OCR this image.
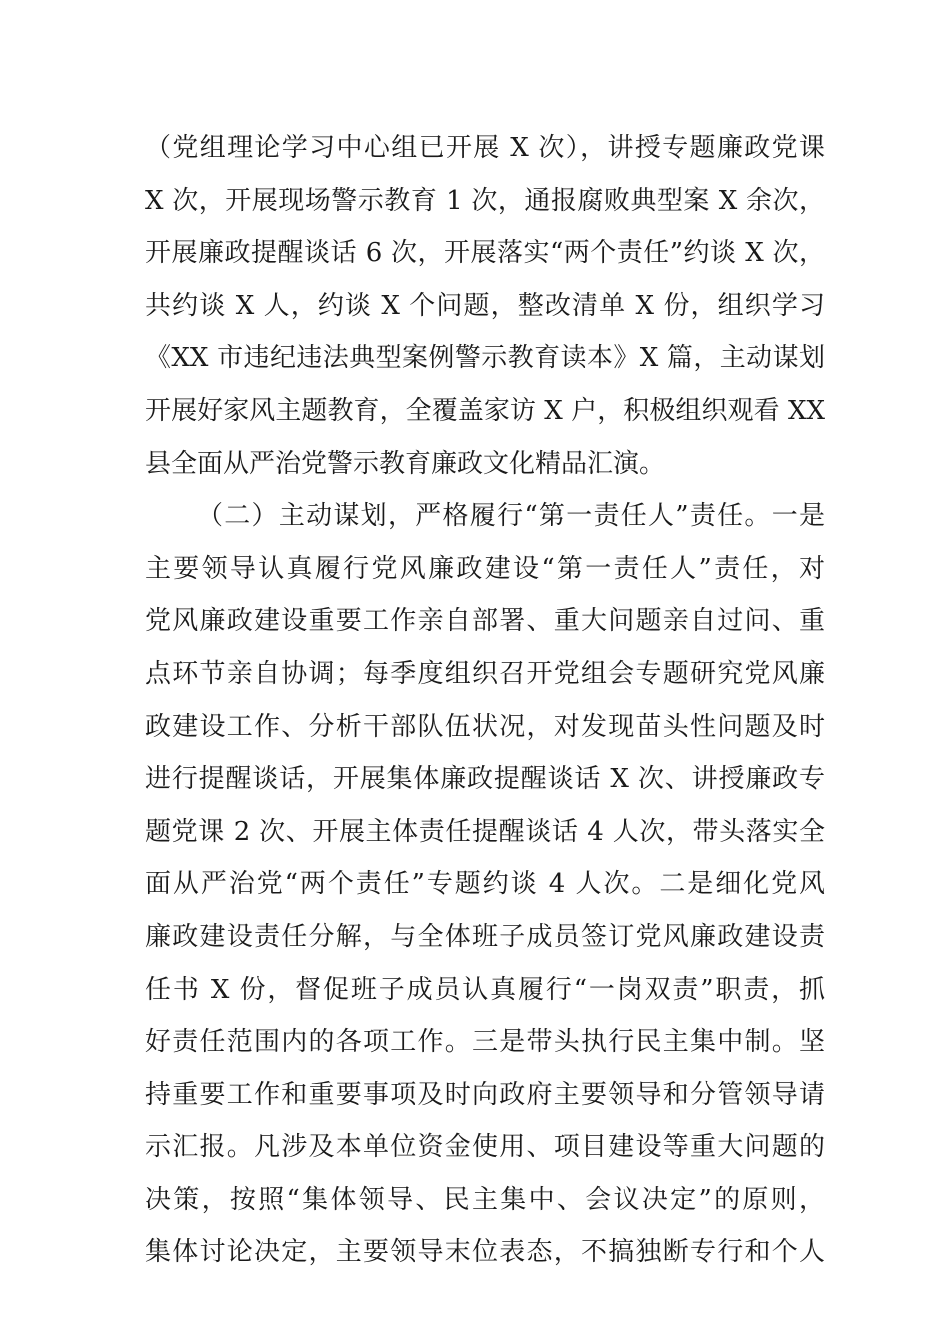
（党组理论学习中心组已开展 X 次），讲授专题廉政党课
X 次，开展现场警示教育 1 次，通报腐败典型案 X 余次，
开展廉政提醒谈话 6 次，开展落实“两个责任”约谈 X 次，
共约谈 X 人，约谈 X 个问题，整改清单 X 份，组织学习
《XX 市违纪违法典型案例警示教育读本》X 篇，主动谋划
开展好家风主题教育，全覆盖家访 X 户，积极组织观看 XX
县全面从严治党警示教育廉政文化精品汇演。
（二）主动谋划，严格履行“第一责任人”责任。一是
主要领导认真履行党风廉政建设“第一责任人”责任，对
党风廉政建设重要工作亲自部署、重大问题亲自过问、重
点环节亲自协调；每季度组织召开党组会专题研究党风廉
政建设工作、分析干部队伍状况，对发现苗头性问题及时
进行提醒谈话，开展集体廉政提醒谈话 X 次、讲授廉政专
题党课 2 次、开展主体责任提醒谈话 4 人次，带头落实全
面从严治党“两个责任”专题约谈 4 人次。二是细化党风
廉政建设责任分解，与全体班子成员签订党风廉政建设责
任书 X 份，督促班子成员认真履行“一岗双责”职责，抓
好责任范围内的各项工作。三是带头执行民主集中制。坚
持重要工作和重要事项及时向政府主要领导和分管领导请
示汇报。凡涉及本单位资金使用、项目建设等重大问题的
决策，按照“集体领导、民主集中、会议决定”的原则，
集体讨论决定，主要领导末位表态，不搞独断专行和个人
